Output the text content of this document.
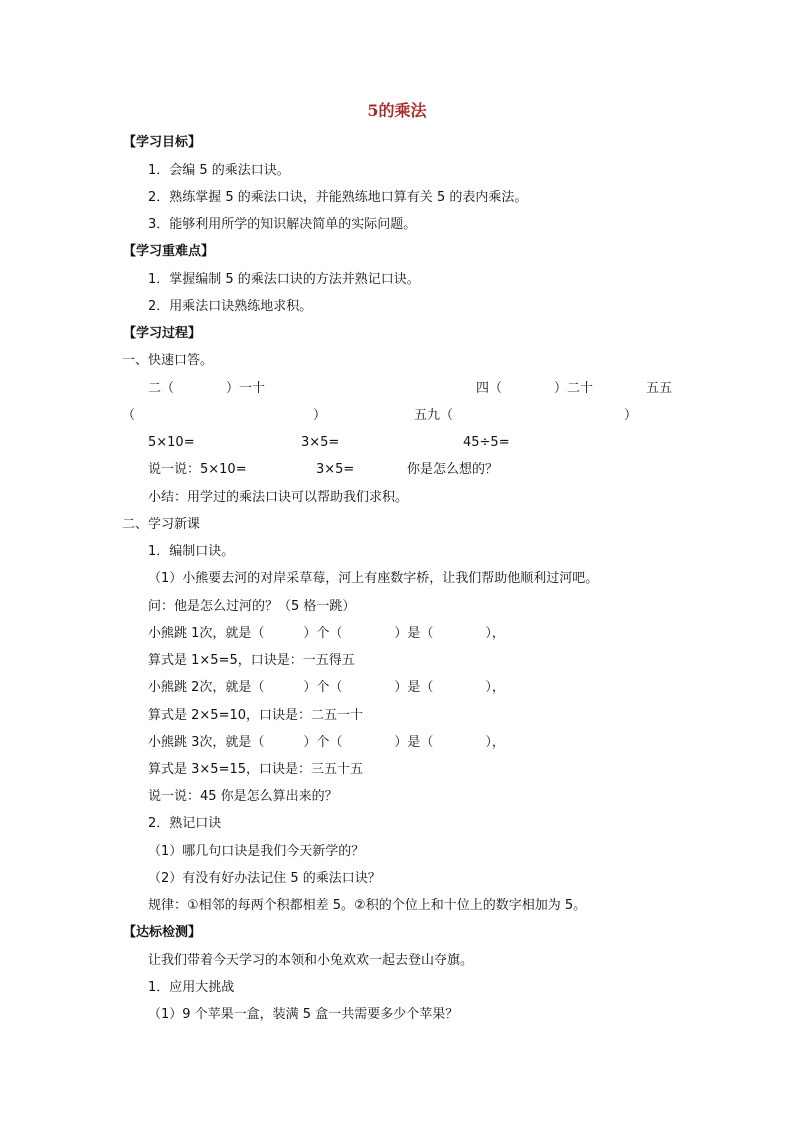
5的乘法
【学习目标】
1．会编 5 的乘法口诀。
2．熟练掌握 5 的乘法口诀，并能熟练地口算有关 5 的表内乘法。
3．能够利用所学的知识解决简单的实际问题。
【学习重难点】
1．掌握编制 5 的乘法口诀的方法并熟记口诀。
2．用乘法口诀熟练地求积。
【学习过程】
一、快速口答。
二（　　　　）一十	四（　　　　）二十	五五
（	）	五九（	）
5×10=	3×5=	45÷5=
说一说：5×10=	3×5=	你是怎么想的？
小结：用学过的乘法口诀可以帮助我们求积。
二、学习新课
1．编制口诀。
（1）小熊要去河的对岸采草莓，河上有座数字桥，让我们帮助他顺利过河吧。
问：他是怎么过河的？（5 格一跳）
小熊跳 1次，就是（　　　）个（　　　　）是（　　　　），
算式是 1×5=5，口诀是：一五得五
小熊跳 2次，就是（　　　）个（　　　　）是（　　　　），
算式是 2×5=10，口诀是：二五一十
小熊跳 3次，就是（　　　）个（　　　　）是（　　　　），
算式是 3×5=15，口诀是：三五十五
说一说：45 你是怎么算出来的？
2．熟记口诀
（1）哪几句口诀是我们今天新学的？
（2）有没有好办法记住 5 的乘法口诀？
规律：①相邻的每两个积都相差 5。②积的个位上和十位上的数字相加为 5。
【达标检测】
让我们带着今天学习的本领和小兔欢欢一起去登山夺旗。
1．应用大挑战
（1）9 个苹果一盒，装满 5 盒一共需要多少个苹果？
